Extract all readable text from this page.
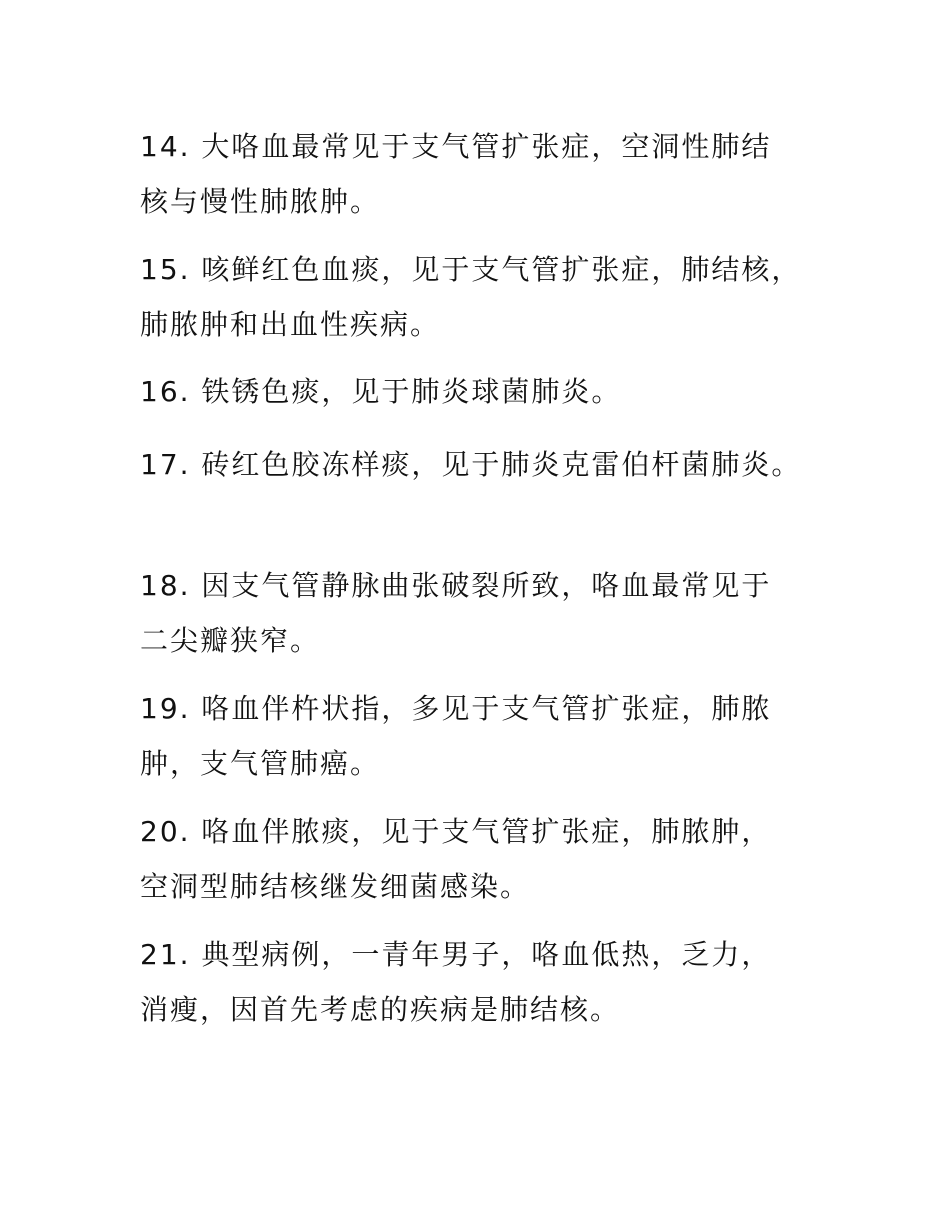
14. 大咯血最常见于支气管扩张症，空洞性肺结
核与慢性肺脓肿。

15. 咳鲜红色血痰，见于支气管扩张症，肺结核，
肺脓肿和出血性疾病。

16. 铁锈色痰，见于肺炎球菌肺炎。

17. 砖红色胶冻样痰，见于肺炎克雷伯杆菌肺炎。

18. 因支气管静脉曲张破裂所致，咯血最常见于
二尖瓣狭窄。

19. 咯血伴杵状指，多见于支气管扩张症，肺脓
肿，支气管肺癌。

20. 咯血伴脓痰，见于支气管扩张症，肺脓肿，
空洞型肺结核继发细菌感染。

21. 典型病例，一青年男子，咯血低热，乏力，
消瘦，因首先考虑的疾病是肺结核。
